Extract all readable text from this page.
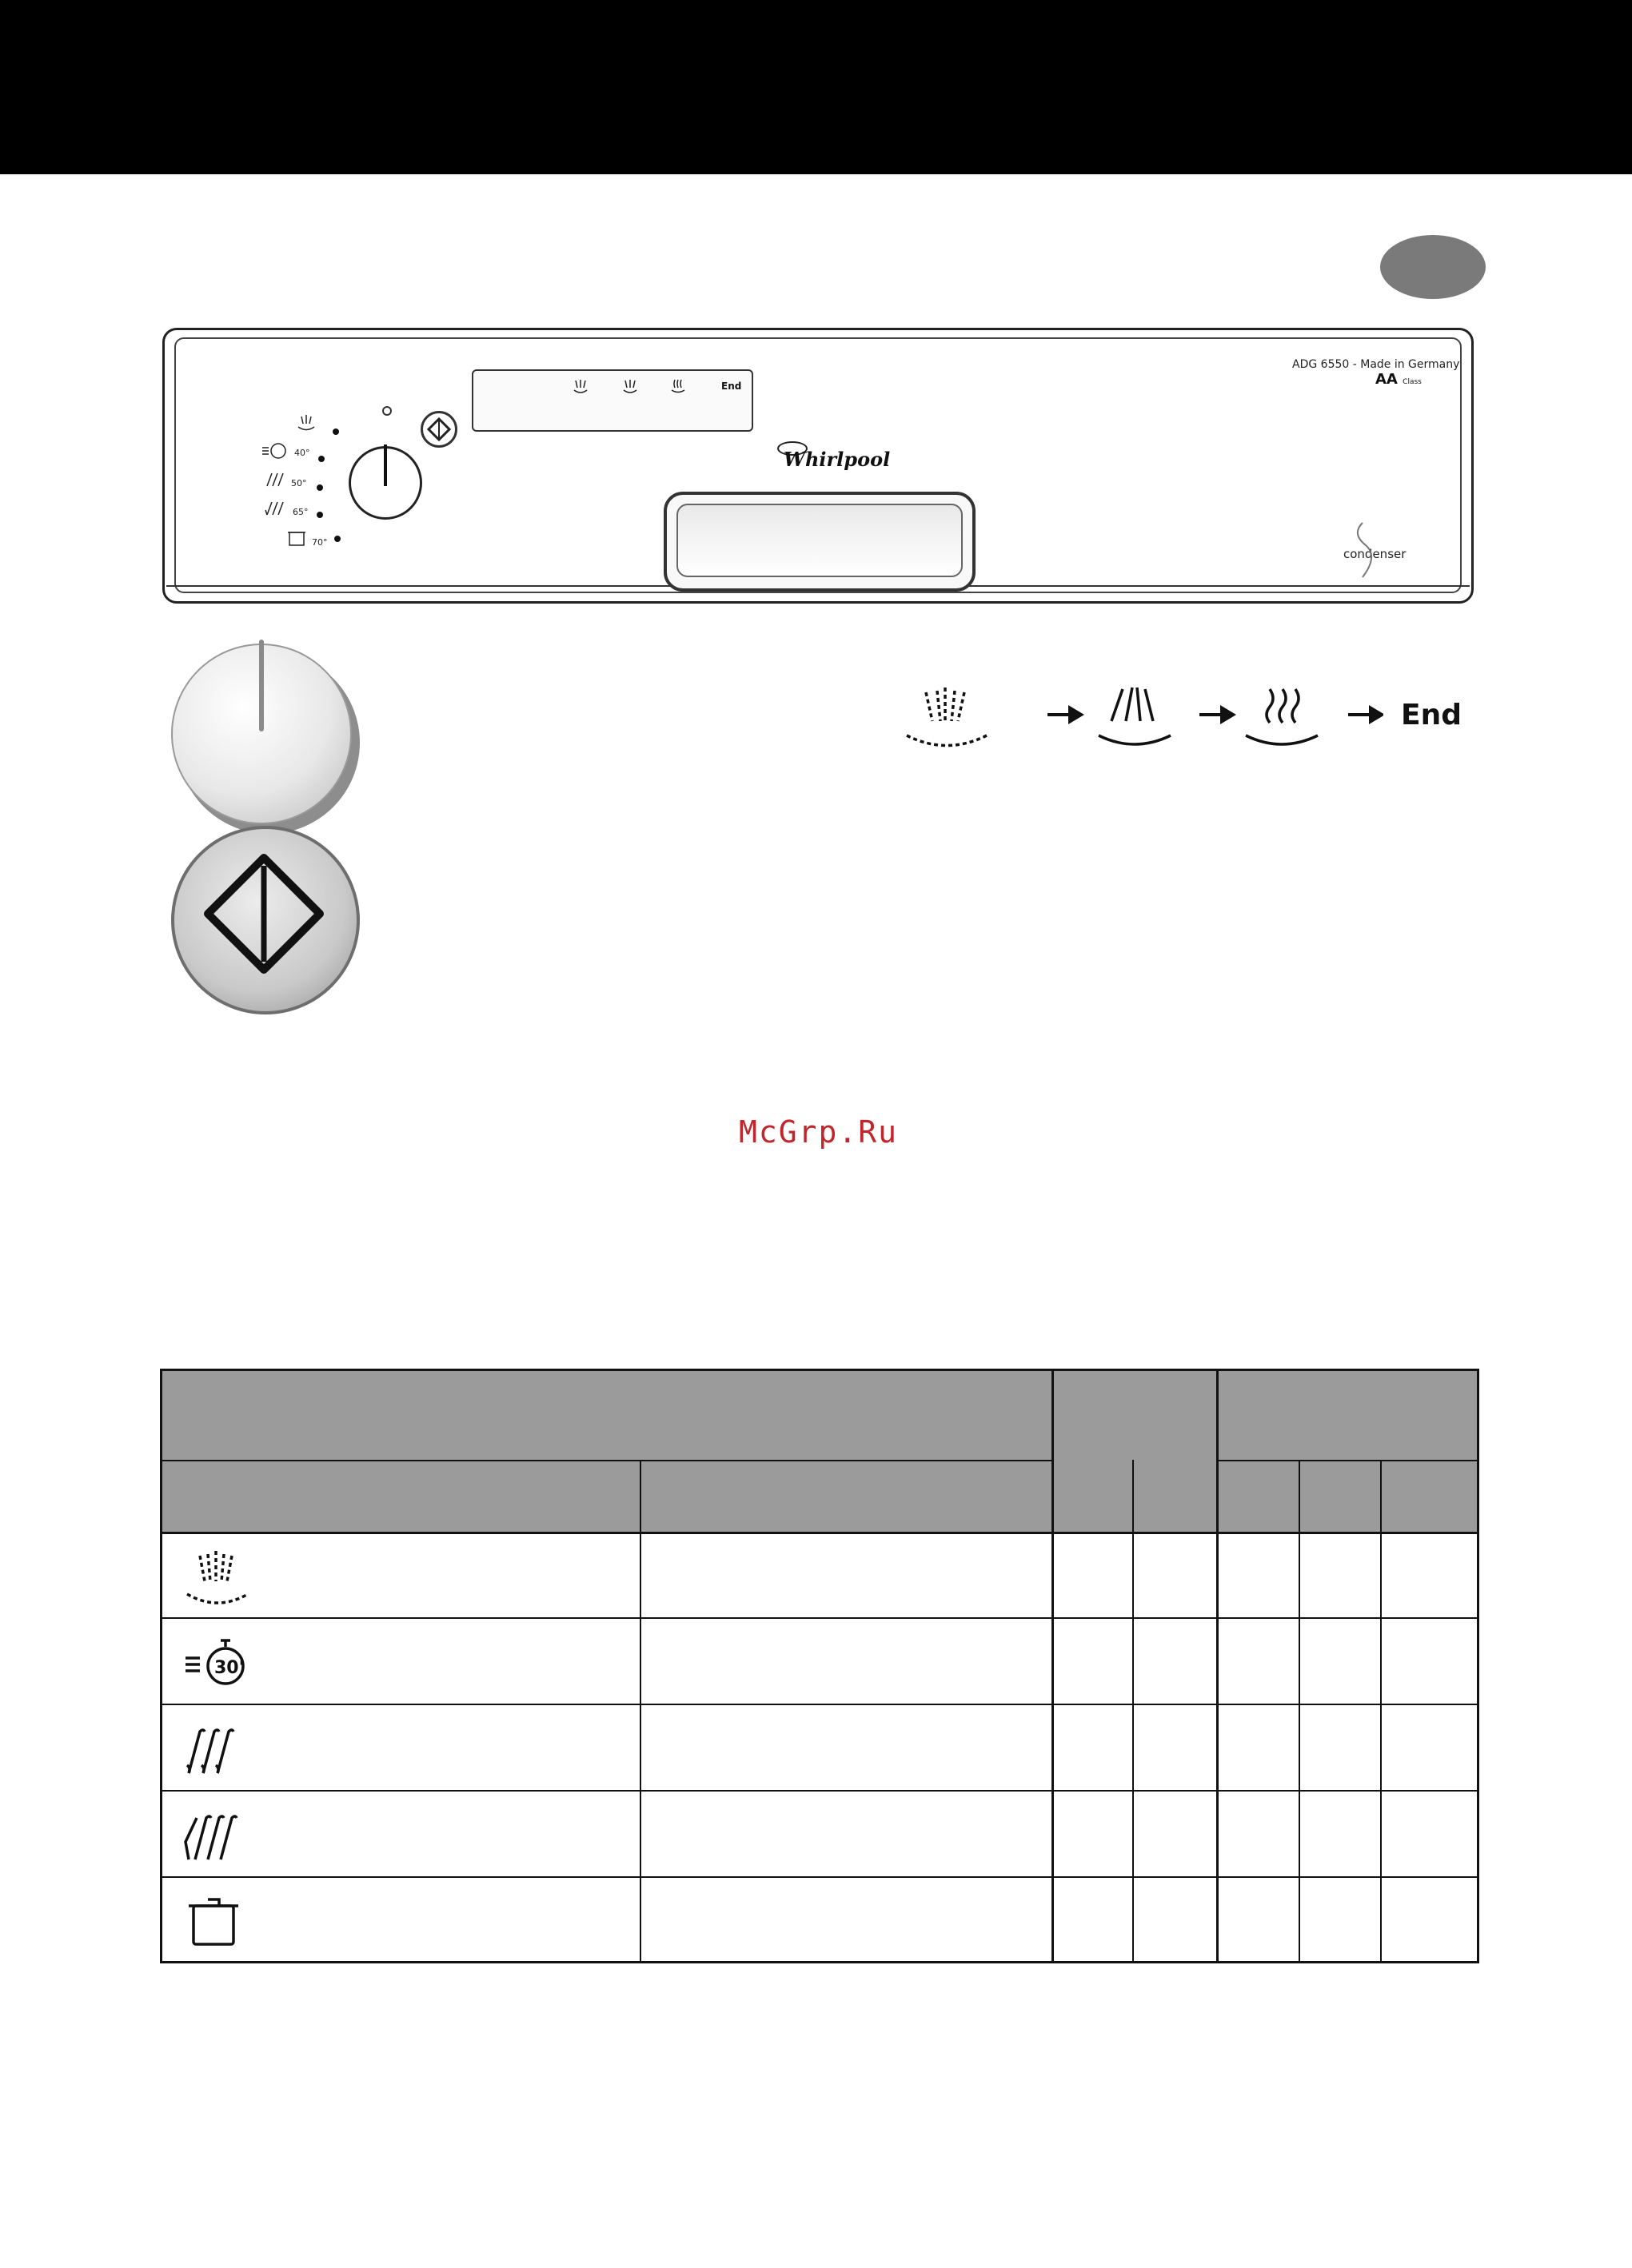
End
ADG 6550 - Made in Germany
AA Class
Whirlpool
condenser
40°
50°
65°
70°
End
McGrp.Ru
30'
